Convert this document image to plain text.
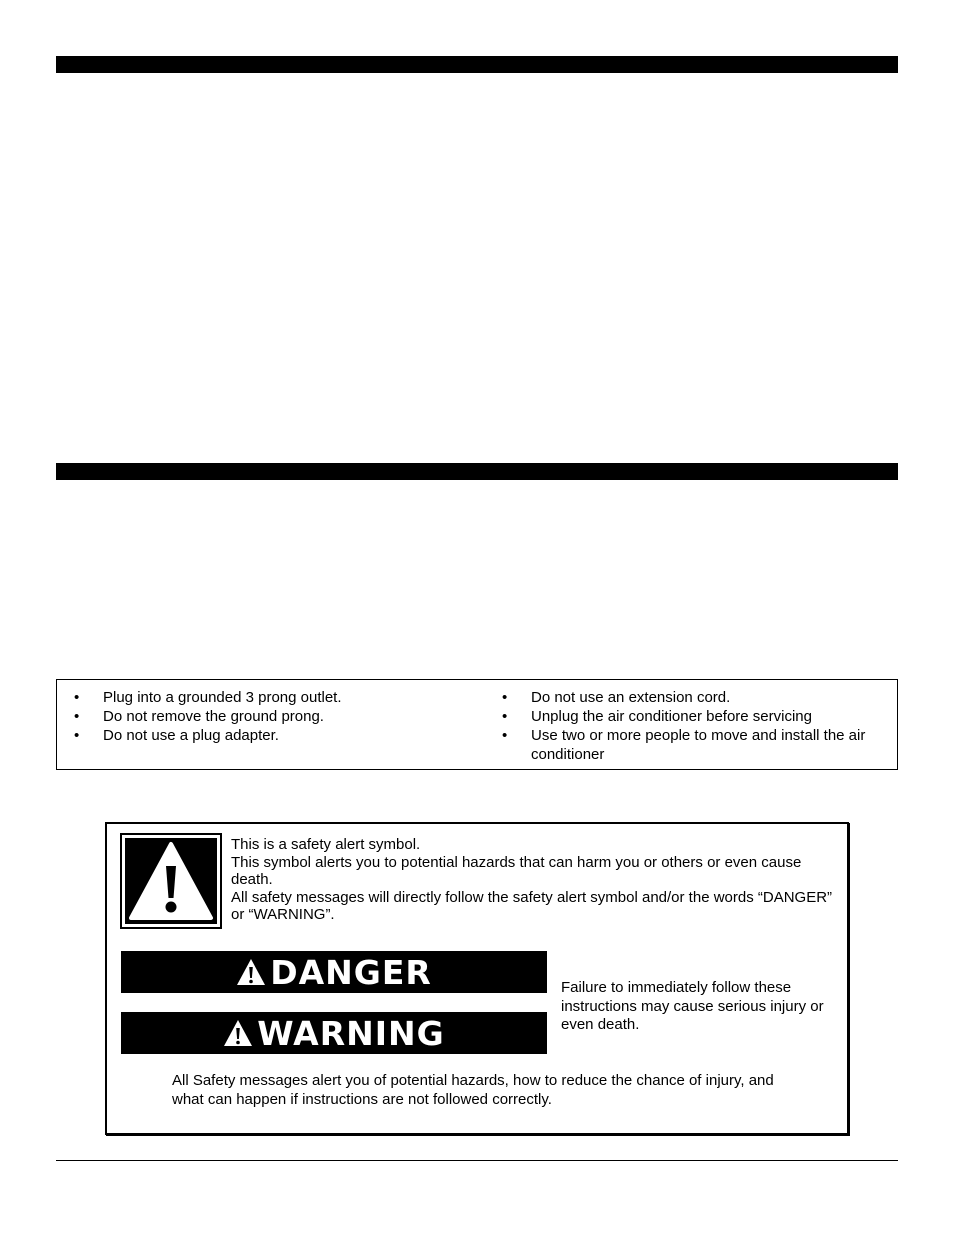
• Plug into a grounded 3 prong outlet.
• Do not remove the ground prong.
• Do not use a plug adapter.
• Do not use an extension cord.
• Unplug the air conditioner before servicing
• Use two or more people to move and install the air conditioner

This is a safety alert symbol.

This symbol alerts you to potential hazards that can harm you or others or even cause death.

All safety messages will directly follow the safety alert symbol and/or the words “DANGER” or “WARNING”.

DANGER
WARNING
Failure to immediately follow these instructions may cause serious injury or even death.
All Safety messages alert you of potential hazards, how to reduce the chance of injury, and what can happen if instructions are not followed correctly.
